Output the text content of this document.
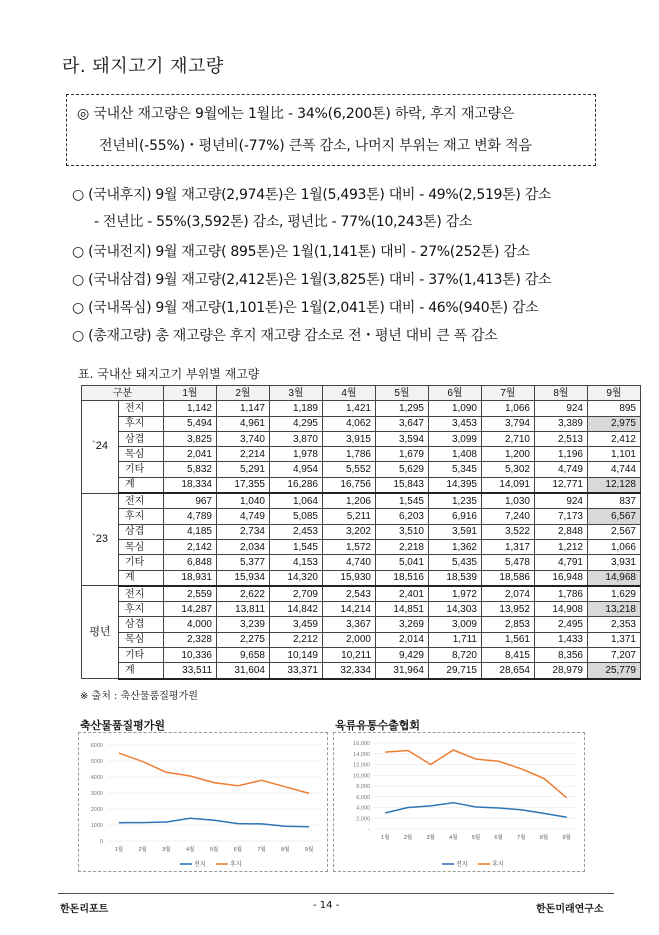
라. 돼지고기 재고량
◎ 국내산 재고량은 9월에는 1월比 - 34%(6,200톤) 하락, 후지 재고량은
전년비(-55%)・평년비(-77%) 큰폭 감소, 나머지 부위는 재고 변화 적음
○ (국내후지) 9월 재고량(2,974톤)은 1월(5,493톤) 대비 - 49%(2,519톤) 감소
- 전년比 - 55%(3,592톤) 감소, 평년比 - 77%(10,243톤) 감소
○ (국내전지) 9월 재고량( 895톤)은 1월(1,141톤) 대비 - 27%(252톤) 감소
○ (국내삼겹) 9월 재고량(2,412톤)은 1월(3,825톤) 대비 - 37%(1,413톤) 감소
○ (국내목심) 9월 재고량(1,101톤)은 1월(2,041톤) 대비 - 46%(940톤) 감소
○ (총재고량) 총 재고량은 후지 재고량 감소로 전・평년 대비 큰 폭 감소
표. 국내산 돼지고기 부위별 재고량
구분		1월	2월	3월	4월	5월	6월	7월	8월	9월
`24	전지	1,142	1,147	1,189	1,421	1,295	1,090	1,066	924	895
	후지	5,494	4,961	4,295	4,062	3,647	3,453	3,794	3,389	2,975
	삼겹	3,825	3,740	3,870	3,915	3,594	3,099	2,710	2,513	2,412
	목심	2,041	2,214	1,978	1,786	1,679	1,408	1,200	1,196	1,101
	기타	5,832	5,291	4,954	5,552	5,629	5,345	5,302	4,749	4,744
	계	18,334	17,355	16,286	16,756	15,843	14,395	14,091	12,771	12,128
`23	전지	967	1,040	1,064	1,206	1,545	1,235	1,030	924	837
	후지	4,789	4,749	5,085	5,211	6,203	6,916	7,240	7,173	6,567
	삼겹	4,185	2,734	2,453	3,202	3,510	3,591	3,522	2,848	2,567
	목심	2,142	2,034	1,545	1,572	2,218	1,362	1,317	1,212	1,066
	기타	6,848	5,377	4,153	4,740	5,041	5,435	5,478	4,791	3,931
	계	18,931	15,934	14,320	15,930	18,516	18,539	18,586	16,948	14,968
평년	전지	2,559	2,622	2,709	2,543	2,401	1,972	2,074	1,786	1,629
	후지	14,287	13,811	14,842	14,214	14,851	14,303	13,952	14,908	13,218
	삼겹	4,000	3,239	3,459	3,367	3,269	3,009	2,853	2,495	2,353
	목심	2,328	2,275	2,212	2,000	2,014	1,711	1,561	1,433	1,371
	기타	10,336	9,658	10,149	10,211	9,429	8,720	8,415	8,356	7,207
	계	33,511	31,604	33,371	32,334	31,964	29,715	28,654	28,979	25,779
※ 출처 : 축산물품질평가원
축산물품질평가원
0
1000
2000
3000
4000
5000
6000
1월	2월	3월	4월	5월	6월	7월	8월	9월
전지	후지
육류유통수출협회
-
2,000
4,000
6,000
8,000
10,000
12,000
14,000
16,000
1월	2월	3월	4월	5월	6월	7월	8월	9월
전지	후지
한돈리포트	- 14 -	한돈미래연구소
